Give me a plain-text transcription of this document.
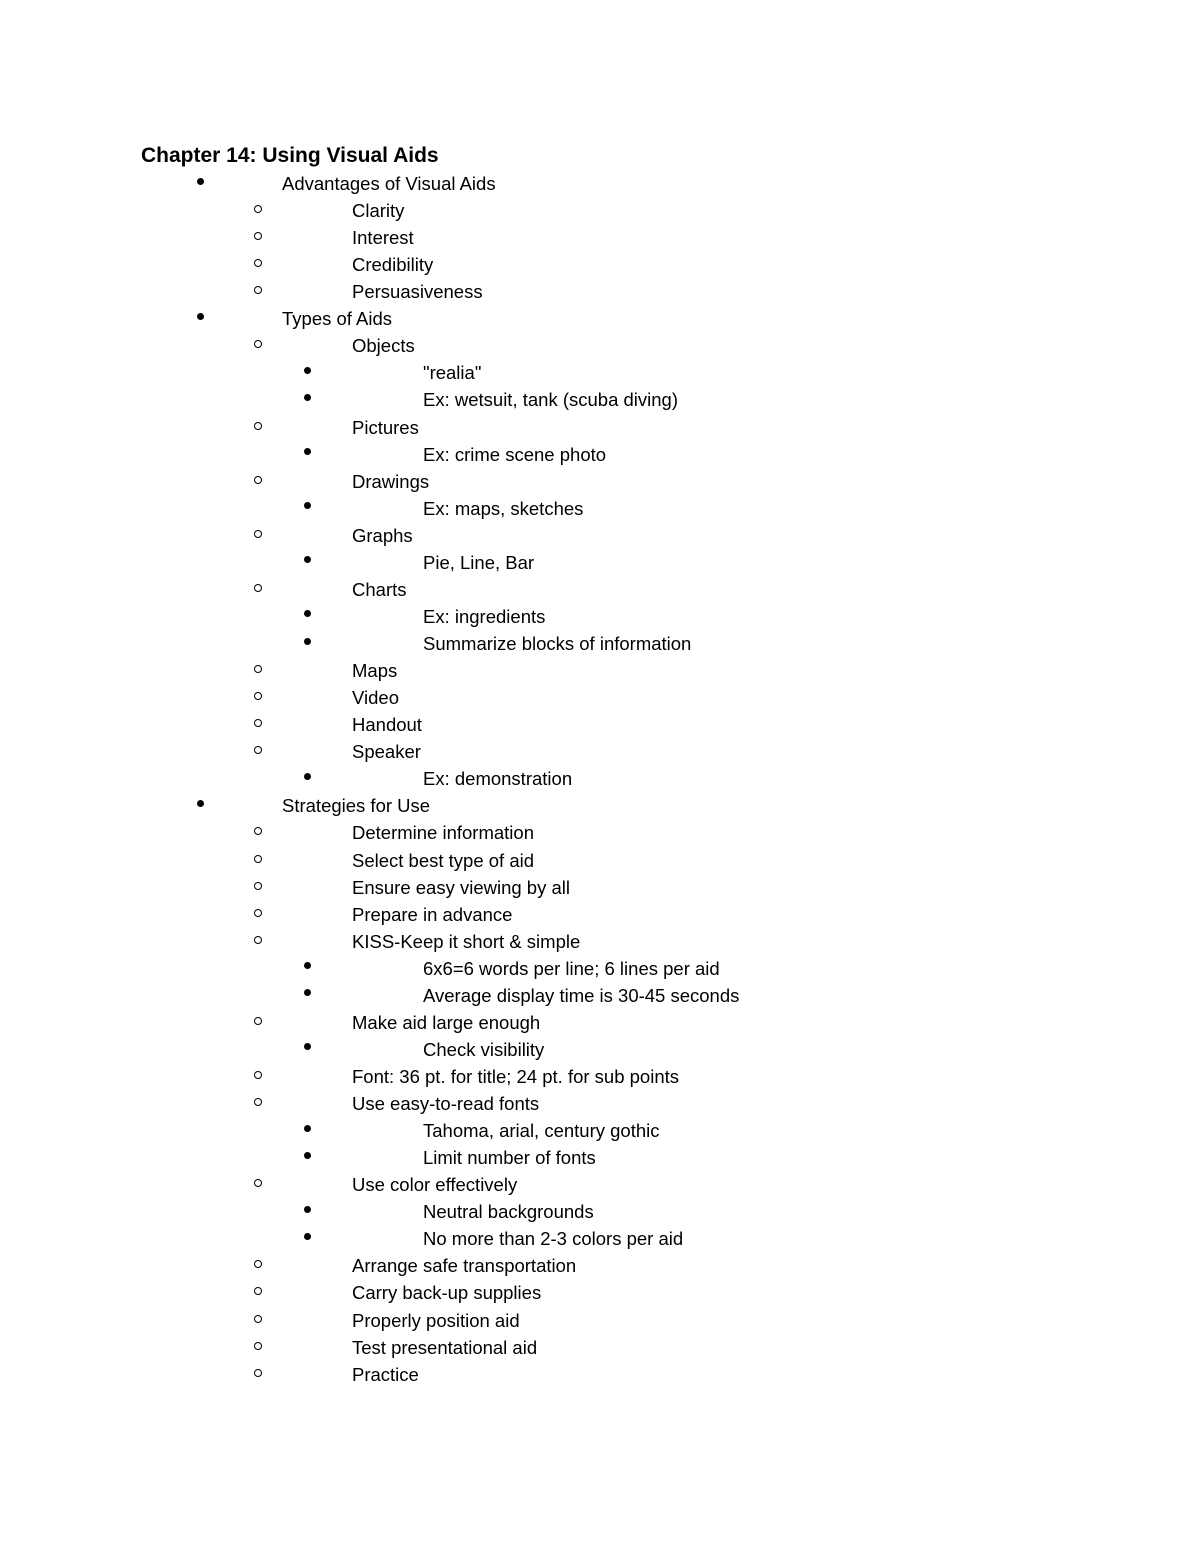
Chapter 14: Using Visual Aids
Advantages of Visual Aids
Clarity
Interest
Credibility
Persuasiveness
Types of Aids
Objects
"realia"
Ex: wetsuit, tank (scuba diving)
Pictures
Ex: crime scene photo
Drawings
Ex: maps, sketches
Graphs
Pie, Line, Bar
Charts
Ex: ingredients
Summarize blocks of information
Maps
Video
Handout
Speaker
Ex: demonstration
Strategies for Use
Determine information
Select best type of aid
Ensure easy viewing by all
Prepare in advance
KISS-Keep it short & simple
6x6=6 words per line; 6 lines per aid
Average display time is 30-45 seconds
Make aid large enough
Check visibility
Font: 36 pt. for title; 24 pt. for sub points
Use easy-to-read fonts
Tahoma, arial, century gothic
Limit number of fonts
Use color effectively
Neutral backgrounds
No more than 2-3 colors per aid
Arrange safe transportation
Carry back-up supplies
Properly position aid
Test presentational aid
Practice
